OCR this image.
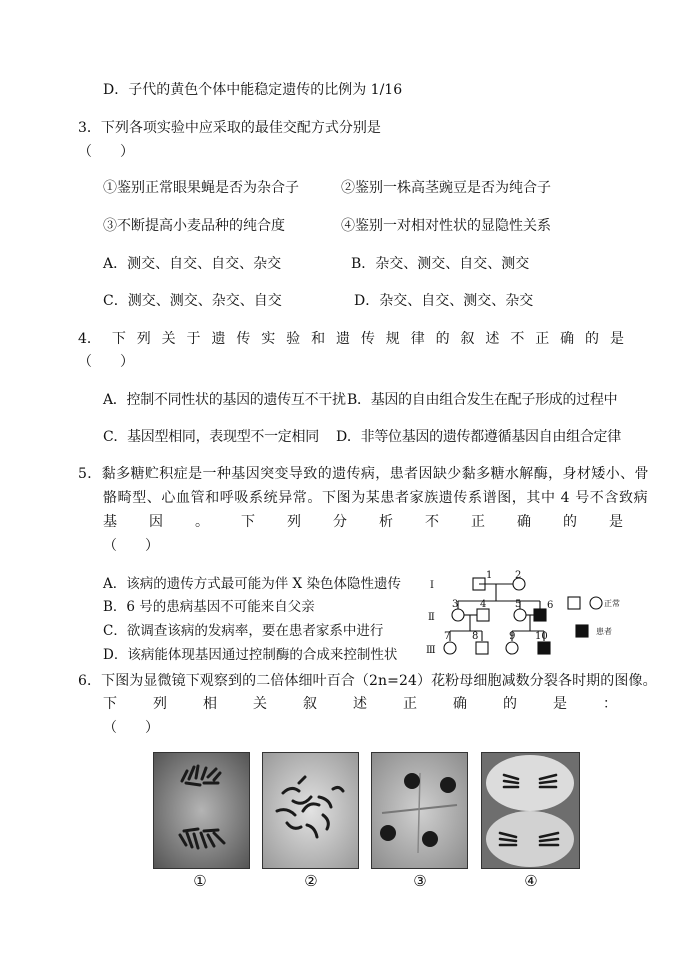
D．子代的黄色个体中能稳定遗传的比例为 1/16
3．下列各项实验中应采取的最佳交配方式分别是
（　　）
①鉴别正常眼果蝇是否为杂合子	②鉴别一株高茎豌豆是否为纯合子
③不断提高小麦品种的纯合度	④鉴别一对相对性状的显隐性关系
A．测交、自交、自交、杂交	B．杂交、测交、自交、测交
C．测交、测交、杂交、自交	D．杂交、自交、测交、杂交
4． 下 列 关 于 遗 传 实 验 和 遗 传 规 律 的 叙 述 不 正 确 的 是
（　　）
A．控制不同性状的基因的遗传互不干扰 B．基因的自由组合发生在配子形成的过程中
C．基因型相同，表现型不一定相同 D．非等位基因的遗传都遵循基因自由组合定律
5．黏多糖贮积症是一种基因突变导致的遗传病，患者因缺少黏多糖水解酶，身材矮小、骨
骼畸型、心血管和呼吸系统异常。下图为某患者家族遗传系谱图，其中 4 号不含致病
基 因 。 下 列 分 析 不 正 确 的 是
（　　）
A．该病的遗传方式最可能为伴 X 染色体隐性遗传
B．6 号的患病基因不可能来自父亲
C．欲调查该病的发病率，要在患者家系中进行
D．该病能体现基因通过控制酶的合成来控制性状
Ⅰ
Ⅱ
Ⅲ
1 2
3 4	5	6
7 8	9 10
正常
患者
6．下图为显微镜下观察到的二倍体细叶百合（2n=24）花粉母细胞减数分裂各时期的图像。
下	列	相	关	叙	述	正	确	的	是	：
（　　）
①	②	③	④
